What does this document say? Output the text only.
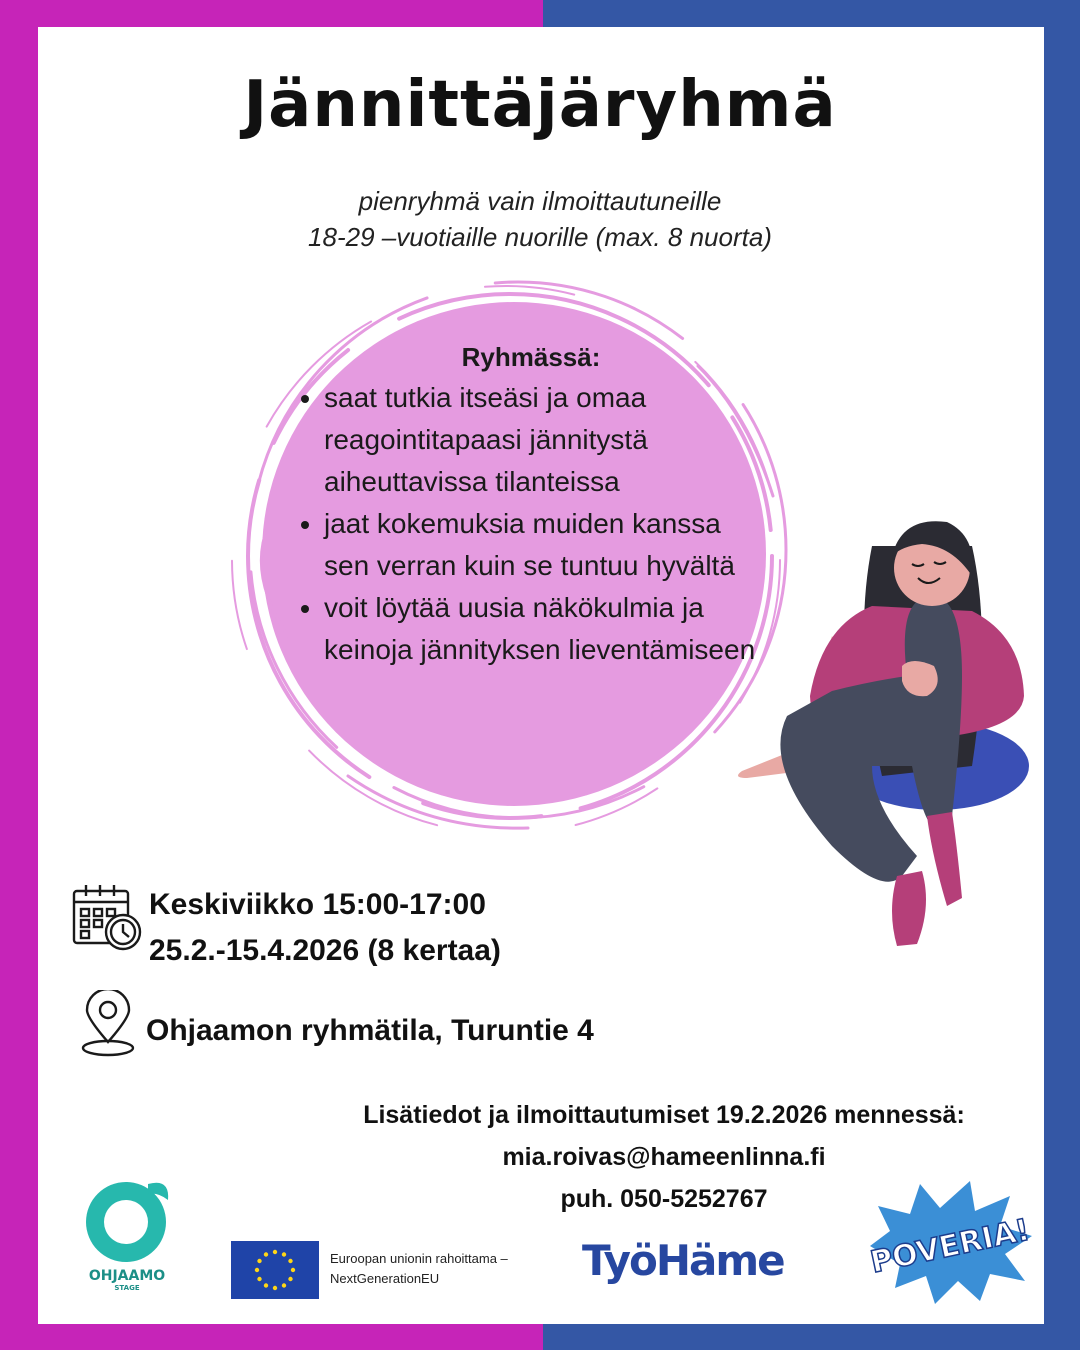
Jännittäjäryhmä
pienryhmä vain ilmoittautuneille
18-29 –vuotiaille nuorille (max. 8 nuorta)
Ryhmässä:
• saat tutkia itseäsi ja omaa reagointitapaasi jännitystä aiheuttavissa tilanteissa
• jaat kokemuksia muiden kanssa sen verran kuin se tuntuu hyvältä
• voit löytää uusia näkökulmia ja keinoja jännityksen lieventämiseen
Keskiviikko 15:00-17:00
25.2.-15.4.2026 (8 kertaa)
Ohjaamon ryhmätila, Turuntie 4
Lisätiedot ja ilmoittautumiset 19.2.2026 mennessä:
mia.roivas@hameenlinna.fi
puh. 050-5252767
OHJAAMO
STAGE
Euroopan unionin rahoittama –
NextGenerationEU	TyöHäme	POVERIA!
